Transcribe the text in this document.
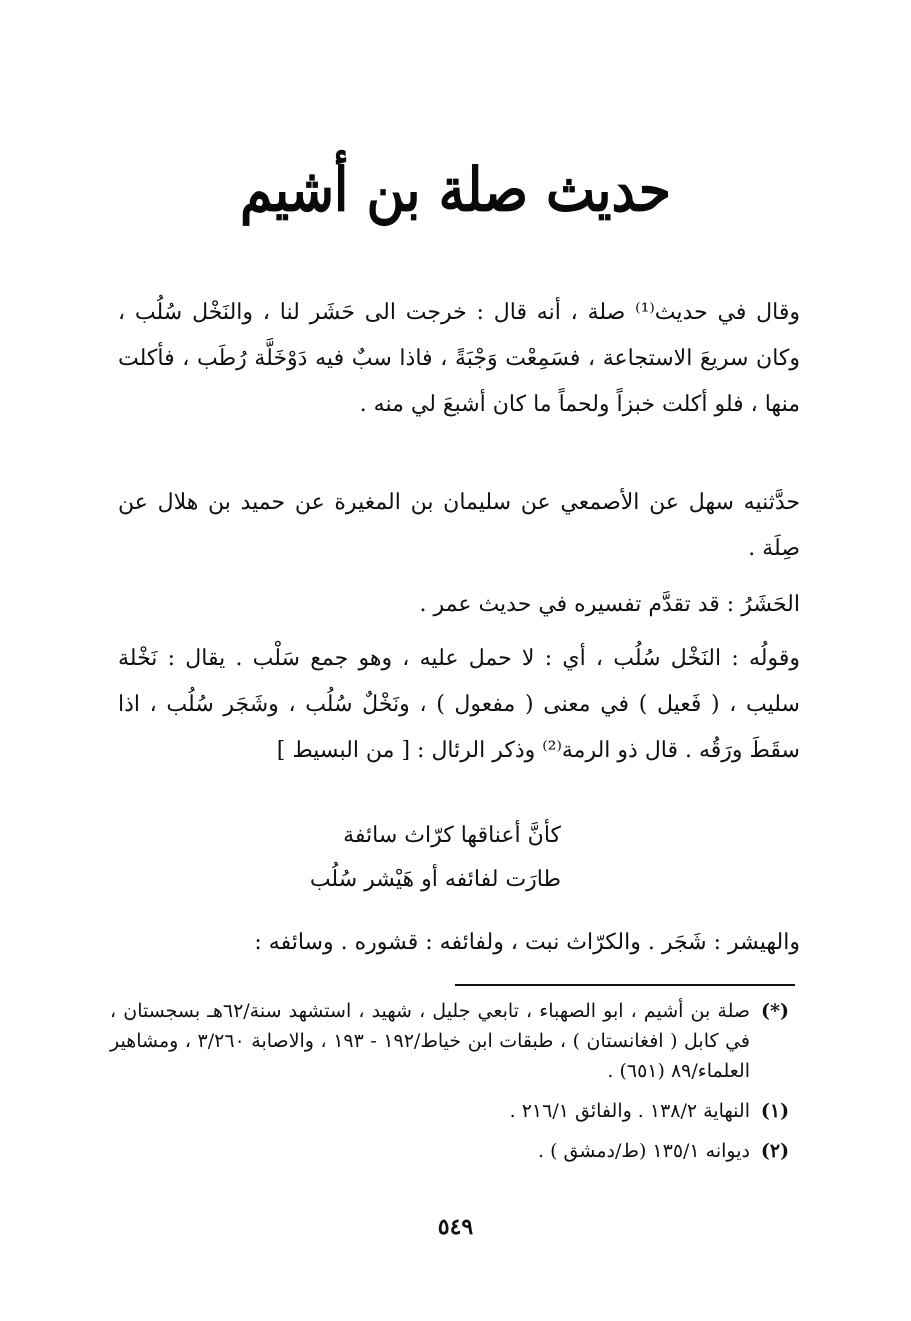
حديث صلة بن أشيم

وقال في حديث⁽¹⁾ صلة ، أنه قال : خرجت الى حَشَر لنا ، والنَخْل سُلُب ، وكان سريعَ الاستجاعة ، فسَمِعْت وَجْبَةً ، فاذا سبٌ فيه دَوْخَلَّة رُطَب ، فأكلت منها ، فلو أكلت خبزاً ولحماً ما كان أشبعَ لي منه .

حدَّثنيه سهل عن الأصمعي عن سليمان بن المغيرة عن حميد بن هلال عن صِلَة .

الحَشَرُ : قد تقدَّم تفسيره في حديث عمر .

وقولُه : النَخْل سُلُب ، أي : لا حمل عليه ، وهو جمع سَلْب . يقال : نَخْلة سليب ، ( فَعيل ) في معنى ( مفعول ) ، ونَخْلٌ سُلُب ، وشَجَر سُلُب ، اذا سقَطَ ورَقُه . قال ذو الرمة⁽²⁾ وذكر الرئال : [ من البسيط ]

كأنَّ أعناقها كرّاث سائفة
طارَت لفائفه أو هَيْشر سُلُب

والهيشر : شَجَر . والكرّاث نبت ، ولفائفه : قشوره . وسائفه :

(*)
صلة بن أشيم ، ابو الصهباء ، تابعي جليل ، شهيد ، استشهد سنة/٦٢هـ بسجستان ، في كابل ( افغانستان ) ، طبقات ابن خياط/١٩٢ - ١٩٣ ، والاصابة ٣/٢٦٠ ، ومشاهير العلماء/٨٩ (٦٥١) .
(١)
النهاية ١٣٨/٢ . والفائق ٢١٦/١ .
(٢)
ديوانه ١٣٥/١ (ط/دمشق ) .
٥٤٩
